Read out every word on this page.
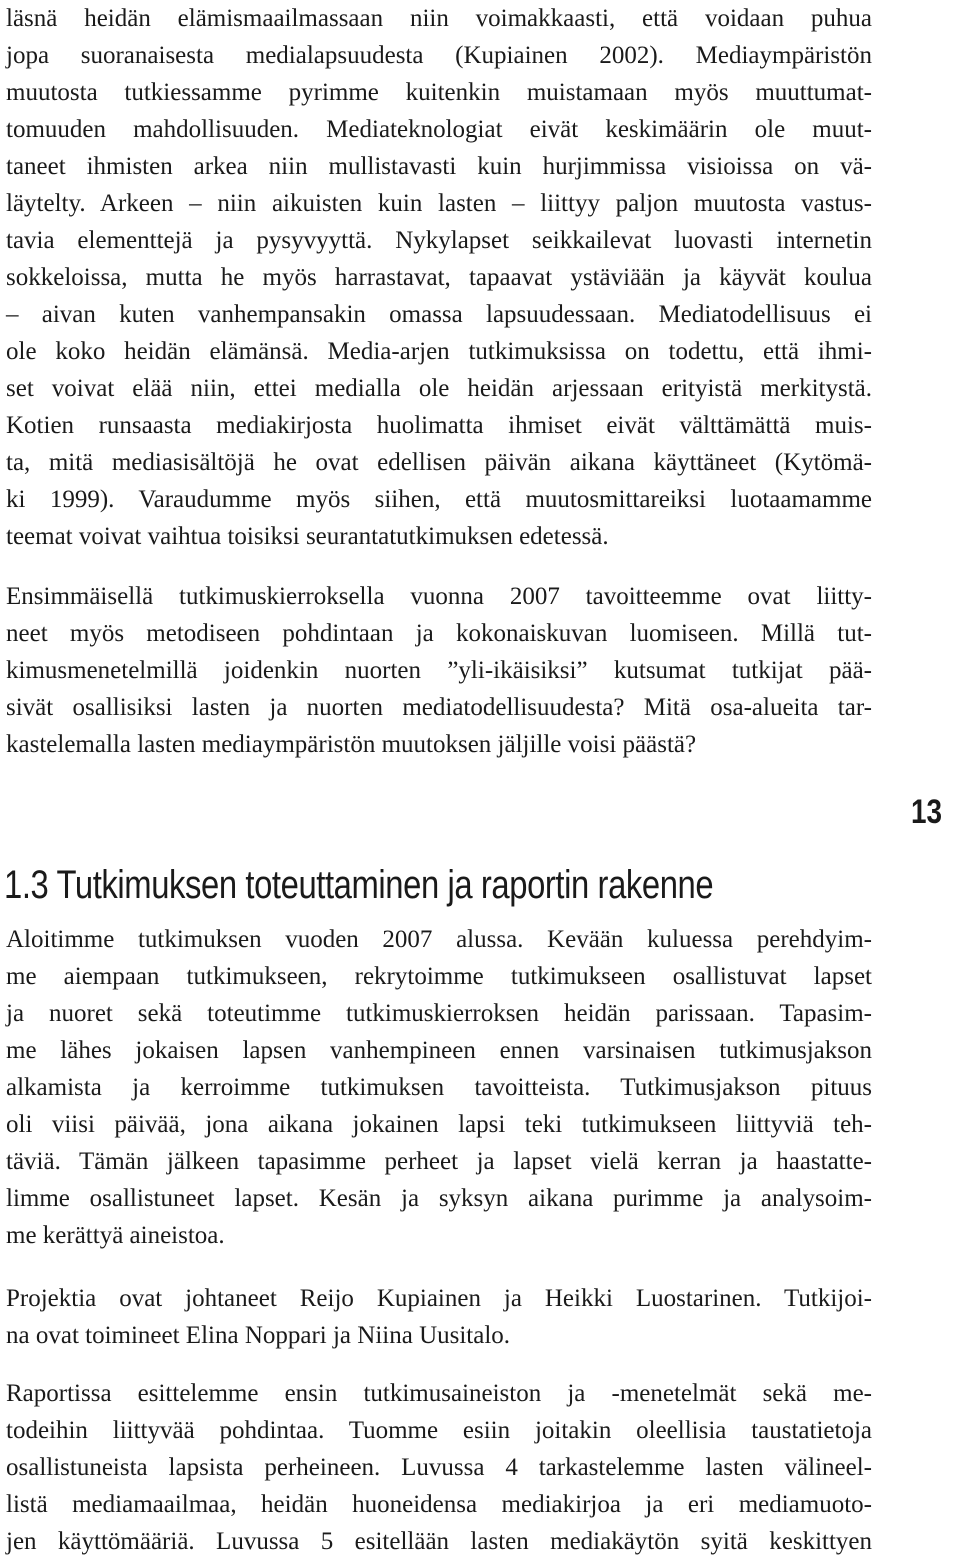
läsnä heidän elämismaailmassaan niin voimakkaasti, että voidaan puhua
jopa suoranaisesta medialapsuudesta (Kupiainen 2002). Mediaympäristön
muutosta tutkiessamme pyrimme kuitenkin muistamaan myös muuttumat-
tomuuden mahdollisuuden. Mediateknologiat eivät keskimäärin ole muut-
taneet ihmisten arkea niin mullistavasti kuin hurjimmissa visioissa on vä-
läytelty. Arkeen – niin aikuisten kuin lasten – liittyy paljon muutosta vastus-
tavia elementtejä ja pysyvyyttä. Nykylapset seikkailevat luovasti internetin
sokkeloissa, mutta he myös harrastavat, tapaavat ystäviään ja käyvät koulua
– aivan kuten vanhempansakin omassa lapsuudessaan. Mediatodellisuus ei
ole koko heidän elämänsä. Media-arjen tutkimuksissa on todettu, että ihmi-
set voivat elää niin, ettei medialla ole heidän arjessaan erityistä merkitystä.
Kotien runsaasta mediakirjosta huolimatta ihmiset eivät välttämättä muis-
ta, mitä mediasisältöjä he ovat edellisen päivän aikana käyttäneet (Kytömä-
ki 1999). Varaudumme myös siihen, että muutosmittareiksi luotaamamme
teemat voivat vaihtua toisiksi seurantatutkimuksen edetessä.
Ensimmäisellä tutkimuskierroksella vuonna 2007 tavoitteemme ovat liitty-
neet myös metodiseen pohdintaan ja kokonaiskuvan luomiseen. Millä tut-
kimusmenetelmillä joidenkin nuorten ”yli-ikäisiksi” kutsumat tutkijat pää-
sivät osallisiksi lasten ja nuorten mediatodellisuudesta? Mitä osa-alueita tar-
kastelemalla lasten mediaympäristön muutoksen jäljille voisi päästä?
13
1.3 Tutkimuksen toteuttaminen ja raportin rakenne
Aloitimme tutkimuksen vuoden 2007 alussa. Kevään kuluessa perehdyim-
me aiempaan tutkimukseen, rekrytoimme tutkimukseen osallistuvat lapset
ja nuoret sekä toteutimme tutkimuskierroksen heidän parissaan. Tapasim-
me lähes jokaisen lapsen vanhempineen ennen varsinaisen tutkimusjakson
alkamista ja kerroimme tutkimuksen tavoitteista. Tutkimusjakson pituus
oli viisi päivää, jona aikana jokainen lapsi teki tutkimukseen liittyviä teh-
täviä. Tämän jälkeen tapasimme perheet ja lapset vielä kerran ja haastatte-
limme osallistuneet lapset. Kesän ja syksyn aikana purimme ja analysoim-
me kerättyä aineistoa.
Projektia ovat johtaneet Reijo Kupiainen ja Heikki Luostarinen. Tutkijoi-
na ovat toimineet Elina Noppari ja Niina Uusitalo.
Raportissa esittelemme ensin tutkimusaineiston ja -menetelmät sekä me-
todeihin liittyvää pohdintaa. Tuomme esiin joitakin oleellisia taustatietoja
osallistuneista lapsista perheineen. Luvussa 4 tarkastelemme lasten välineel-
listä mediamaailmaa, heidän huoneidensa mediakirjoa ja eri mediamuoto-
jen käyttömääriä. Luvussa 5 esitellään lasten mediakäytön syitä keskittyen
